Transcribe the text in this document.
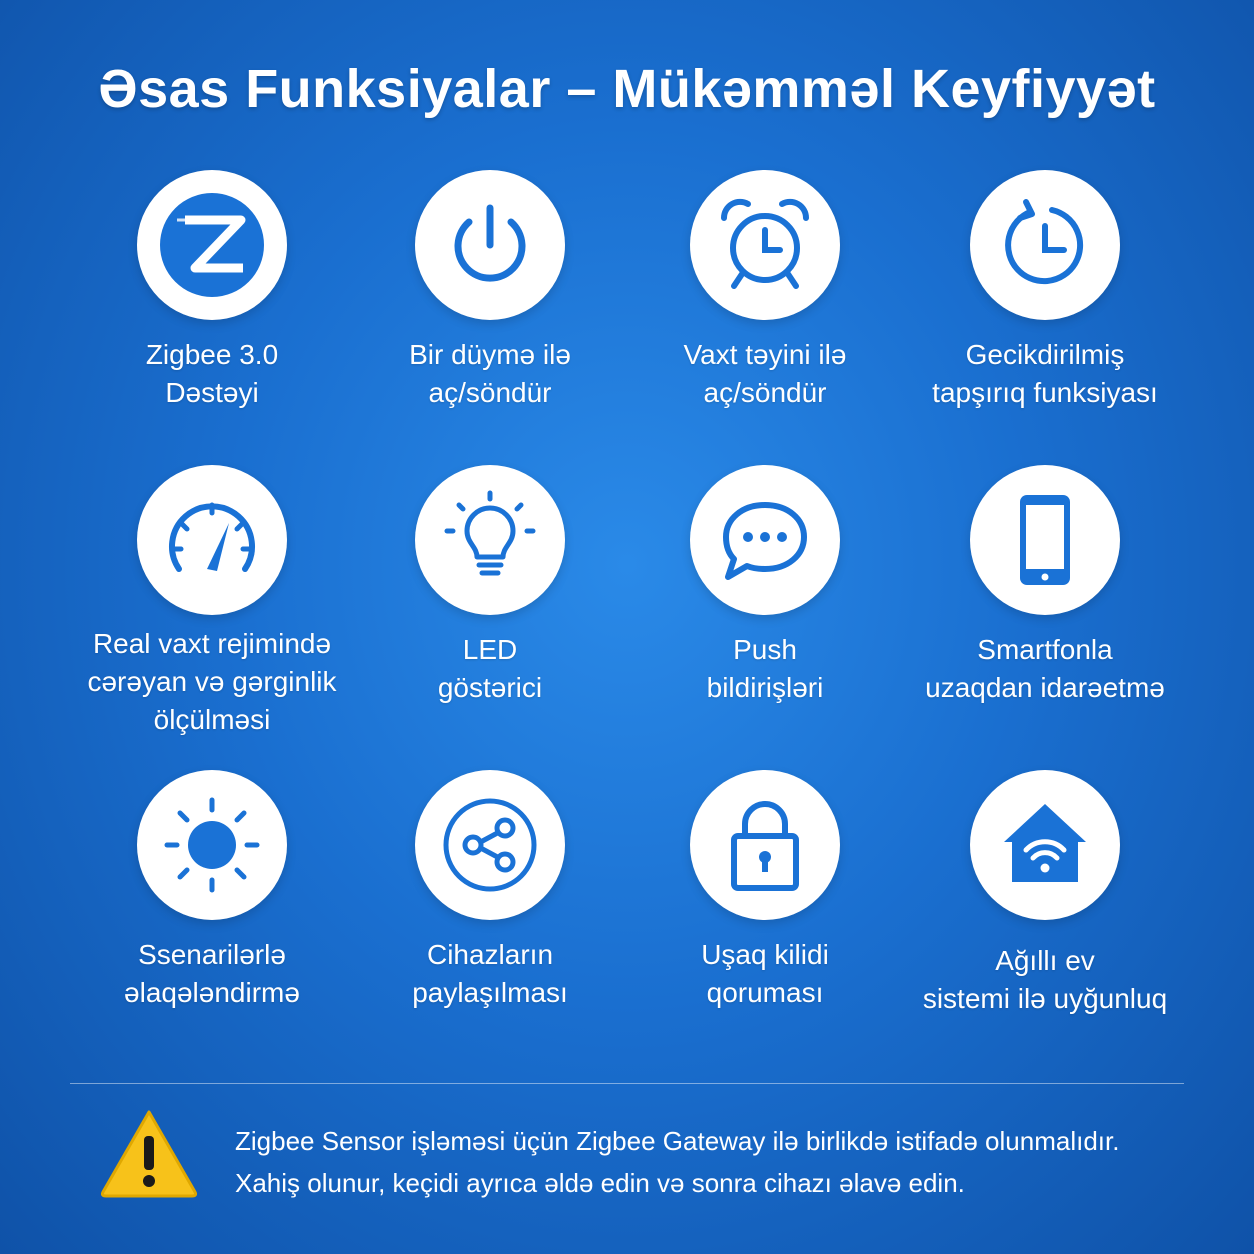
Əsas Funksiyalar – Mükəmməl Keyfiyyət
Zigbee 3.0
Dəstəyi
Bir düymə ilə
aç/söndür
Vaxt təyini ilə
aç/söndür
Gecikdirilmiş
tapşırıq funksiyası
Real vaxt rejimində
cərəyan və gərginlik
ölçülməsi
LED
göstərici
Push
bildirişləri
Smartfonla
uzaqdan idarəetmə
Ssenarilərlə
əlaqələndirmə
Cihazların
paylaşılması
Uşaq kilidi
qoruması
Ağıllı ev
sistemi ilə uyğunluq
Zigbee Sensor işləməsi üçün Zigbee Gateway ilə birlikdə istifadə olunmalıdır.
Xahiş olunur, keçidi ayrıca əldə edin və sonra cihazı əlavə edin.
